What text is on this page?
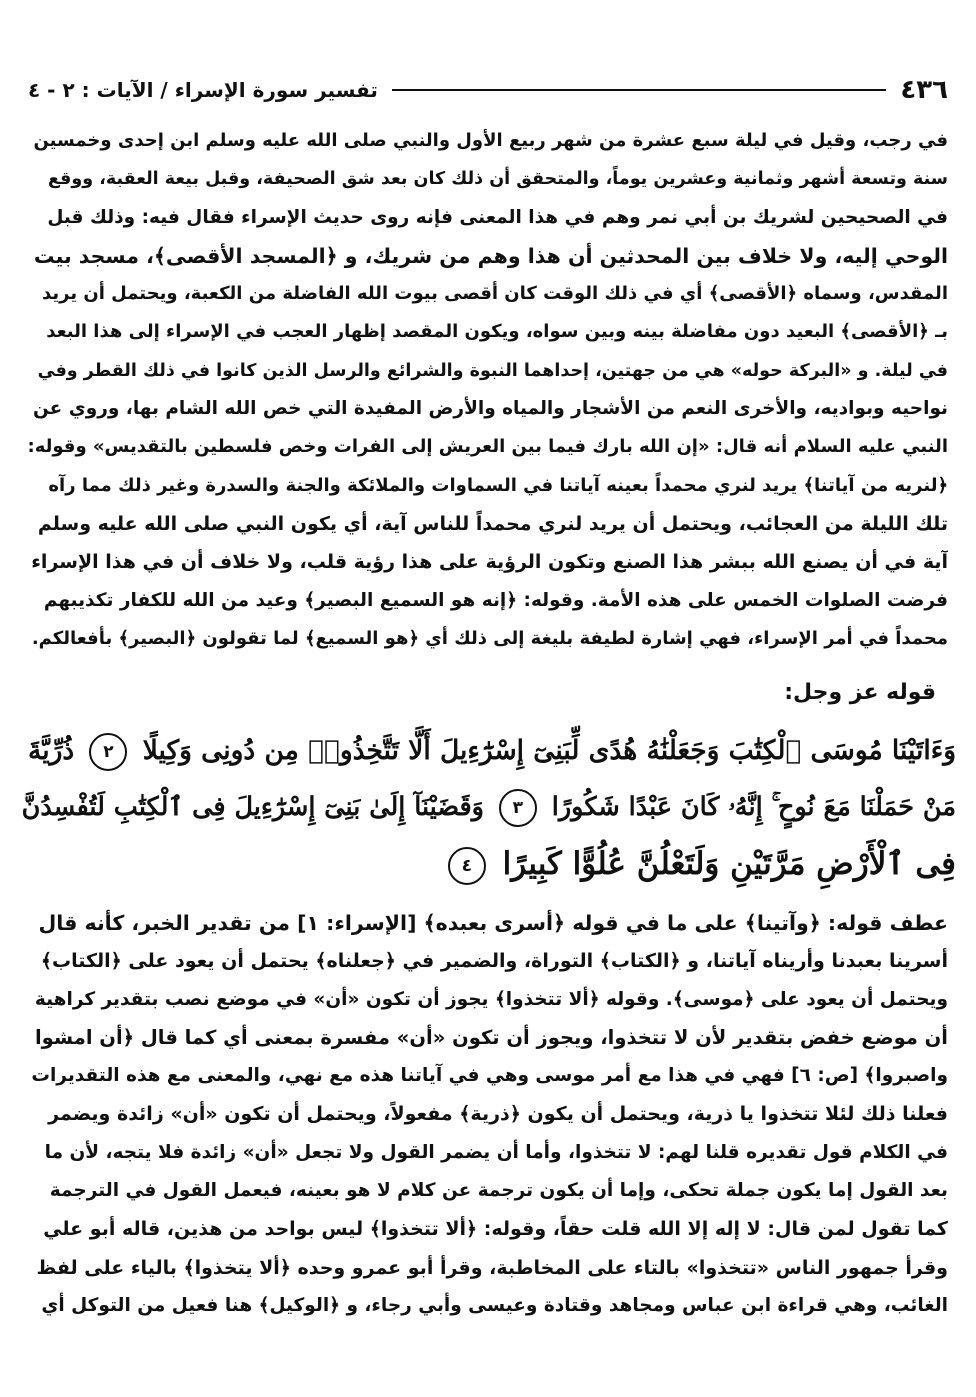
٤٣٦
تفسير سورة الإسراء / الآيات : ٢ - ٤
في رجب، وقيل في ليلة سبع عشرة من شهر ربيع الأول والنبي صلى الله عليه وسلم ابن إحدى وخمسين
سنة وتسعة أشهر وثمانية وعشرين يوماً، والمتحقق أن ذلك كان بعد شق الصحيفة، وقبل بيعة العقبة، ووقع
في الصحيحين لشريك بن أبي نمر وهم في هذا المعنى فإنه روى حديث الإسراء فقال فيه: وذلك قبل
الوحي إليه، ولا خلاف بين المحدثين أن هذا وهم من شريك، و ﴿المسجد الأقصى﴾، مسجد بيت
المقدس، وسماه ﴿الأقصى﴾ أي في ذلك الوقت كان أقصى بيوت الله الفاضلة من الكعبة، ويحتمل أن يريد
بـ ﴿الأقصى﴾ البعيد دون مفاضلة بينه وبين سواه، ويكون المقصد إظهار العجب في الإسراء إلى هذا البعد
في ليلة. و «البركة حوله» هي من جهتين، إحداهما النبوة والشرائع والرسل الذين كانوا في ذلك القطر وفي
نواحيه وبواديه، والأخرى النعم من الأشجار والمياه والأرض المفيدة التي خص الله الشام بها، وروي عن
النبي عليه السلام أنه قال: «إن الله بارك فيما بين العريش إلى الفرات وخص فلسطين بالتقديس» وقوله:
﴿لنريه من آياتنا﴾ يريد لنري محمداً بعينه آياتنا في السماوات والملائكة والجنة والسدرة وغير ذلك مما رآه
تلك الليلة من العجائب، ويحتمل أن يريد لنري محمداً للناس آية، أي يكون النبي صلى الله عليه وسلم
آية في أن يصنع الله ببشر هذا الصنع وتكون الرؤية على هذا رؤية قلب، ولا خلاف أن في هذا الإسراء
فرضت الصلوات الخمس على هذه الأمة. وقوله: ﴿إنه هو السميع البصير﴾ وعيد من الله للكفار تكذيبهم
محمداً في أمر الإسراء، فهي إشارة لطيفة بليغة إلى ذلك أي ﴿هو السميع﴾ لما تقولون ﴿البصير﴾ بأفعالكم.
قوله عز وجل:
وَءَاتَيْنَا مُوسَى ٱلْكِتَٰبَ وَجَعَلْنَٰهُ هُدًى لِّبَنِىٓ إِسْرَٰٓءِيلَ أَلَّا تَتَّخِذُوا۟ مِن دُونِى وَكِيلًا ٢ ذُرِّيَّةَ
مَنْ حَمَلْنَا مَعَ نُوحٍ ۚ إِنَّهُۥ كَانَ عَبْدًا شَكُورًا ٣ وَقَضَيْنَآ إِلَىٰ بَنِىٓ إِسْرَٰٓءِيلَ فِى ٱلْكِتَٰبِ لَتُفْسِدُنَّ
فِى ٱلْأَرْضِ مَرَّتَيْنِ وَلَتَعْلُنَّ عُلُوًّا كَبِيرًا ٤
عطف قوله: ﴿وآتينا﴾ على ما في قوله ﴿أسرى بعبده﴾ [الإسراء: ١] من تقدير الخبر، كأنه قال
أسرينا بعبدنا وأريناه آياتنا، و ﴿الكتاب﴾ التوراة، والضمير في ﴿جعلناه﴾ يحتمل أن يعود على ﴿الكتاب﴾
ويحتمل أن يعود على ﴿موسى﴾. وقوله ﴿ألا تتخذوا﴾ يجوز أن تكون «أن» في موضع نصب بتقدير كراهية
أن موضع خفض بتقدير لأن لا تتخذوا، ويجوز أن تكون «أن» مفسرة بمعنى أي كما قال ﴿أن امشوا
واصبروا﴾ [ص: ٦] فهي في هذا مع أمر موسى وهي في آياتنا هذه مع نهي، والمعنى مع هذه التقديرات
فعلنا ذلك لئلا تتخذوا يا ذرية، ويحتمل أن يكون ﴿ذرية﴾ مفعولاً، ويحتمل أن تكون «أن» زائدة ويضمر
في الكلام قول تقديره قلنا لهم: لا تتخذوا، وأما أن يضمر القول ولا تجعل «أن» زائدة فلا يتجه، لأن ما
بعد القول إما يكون جملة تحكى، وإما أن يكون ترجمة عن كلام لا هو بعينه، فيعمل القول في الترجمة
كما تقول لمن قال: لا إله إلا الله قلت حقاً، وقوله: ﴿ألا تتخذوا﴾ ليس بواحد من هذين، قاله أبو علي
وقرأ جمهور الناس «تتخذوا» بالتاء على المخاطبة، وقرأ أبو عمرو وحده ﴿ألا يتخذوا﴾ بالياء على لفظ
الغائب، وهي قراءة ابن عباس ومجاهد وقتادة وعيسى وأبي رجاء، و ﴿الوكيل﴾ هنا فعيل من التوكل أي
